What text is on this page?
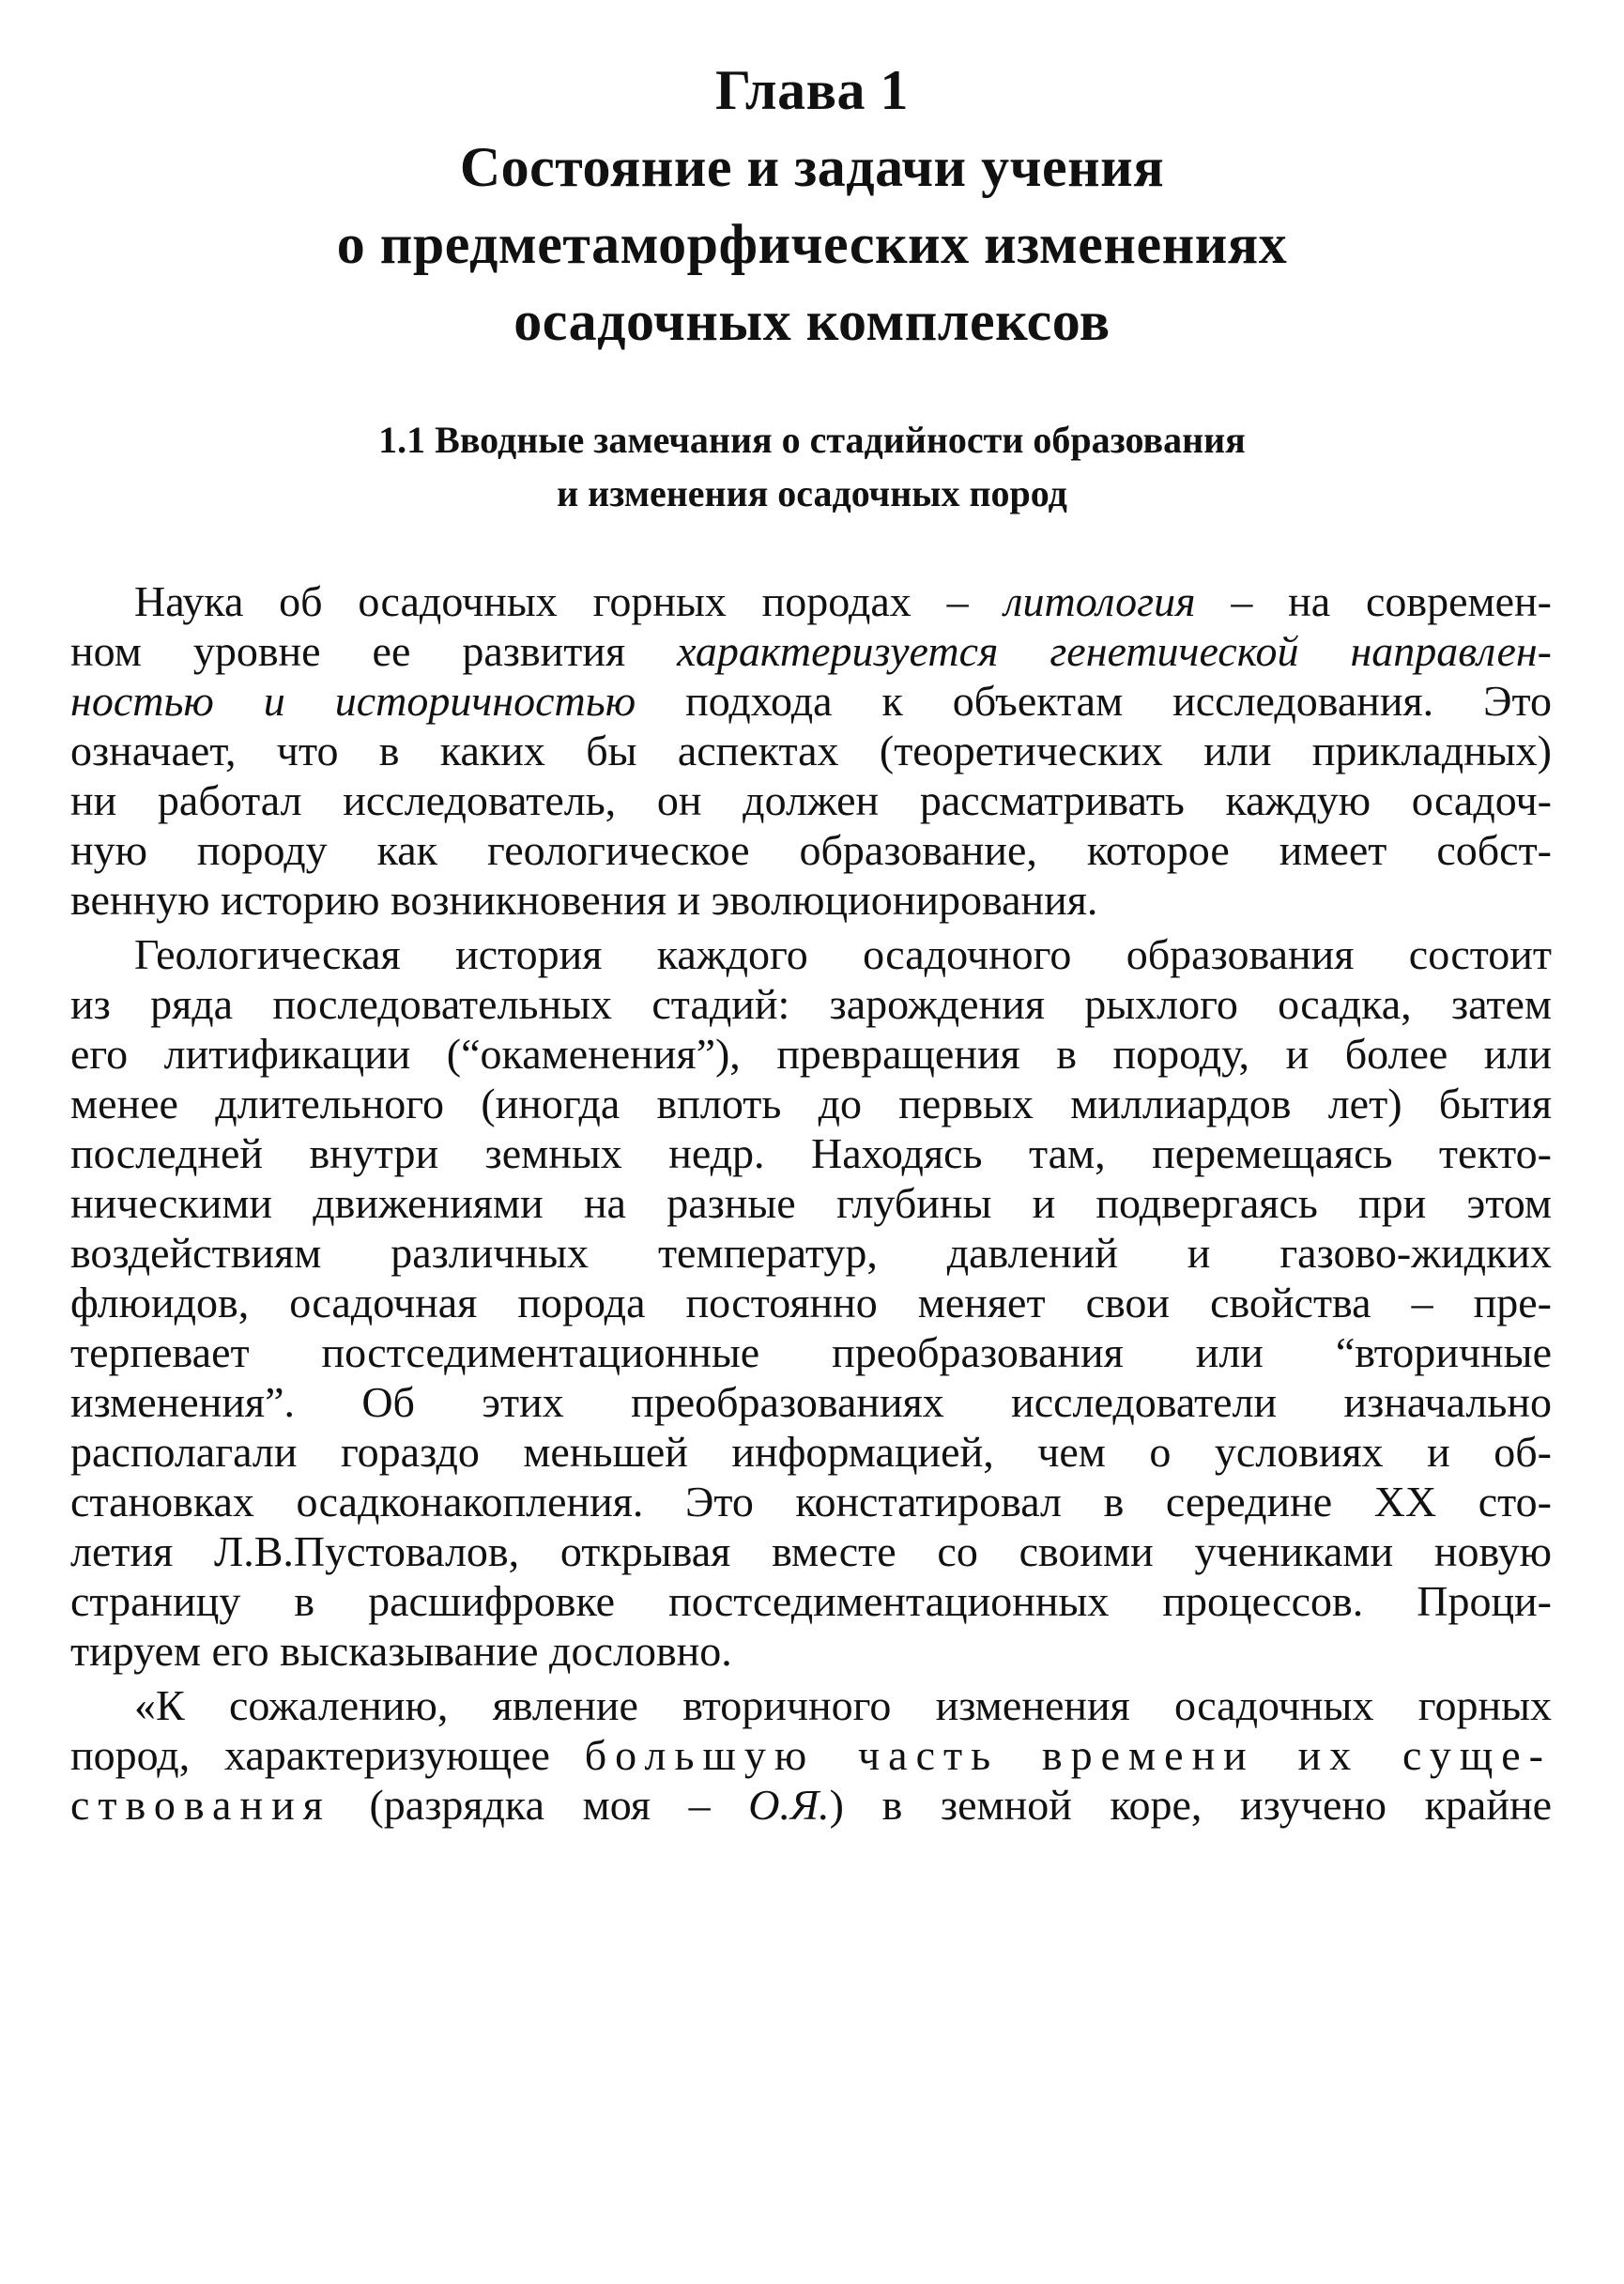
Глава 1
Состояние и задачи учения
о предметаморфических изменениях
осадочных комплексов
1.1 Вводные замечания о стадийности образования
и изменения осадочных пород
Наука об осадочных горных породах – литология – на современ-
ном уровне ее развития характеризуется генетической направлен-
ностью и историчностью подхода к объектам исследования. Это
означает, что в каких бы аспектах (теоретических или прикладных)
ни работал исследователь, он должен рассматривать каждую осадоч-
ную породу как геологическое образование, которое имеет собст-
венную историю возникновения и эволюционирования.
Геологическая история каждого осадочного образования состоит
из ряда последовательных стадий: зарождения рыхлого осадка, затем
его литификации (“окаменения”), превращения в породу, и более или
менее длительного (иногда вплоть до первых миллиардов лет) бытия
последней внутри земных недр. Находясь там, перемещаясь текто-
ническими движениями на разные глубины и подвергаясь при этом
воздействиям различных температур, давлений и газово-жидких
флюидов, осадочная порода постоянно меняет свои свойства – пре-
терпевает постседиментационные преобразования или “вторичные
изменения”. Об этих преобразованиях исследователи изначально
располагали гораздо меньшей информацией, чем о условиях и об-
становках осадконакопления. Это констатировал в середине XX сто-
летия Л.В.Пустовалов, открывая вместе со своими учениками новую
страницу в расшифровке постседиментационных процессов. Проци-
тируем его высказывание дословно.
«К сожалению, явление вторичного изменения осадочных горных
пород, характеризующее большую часть времени их суще-
ствования (разрядка моя – О.Я.) в земной коре, изучено крайне
